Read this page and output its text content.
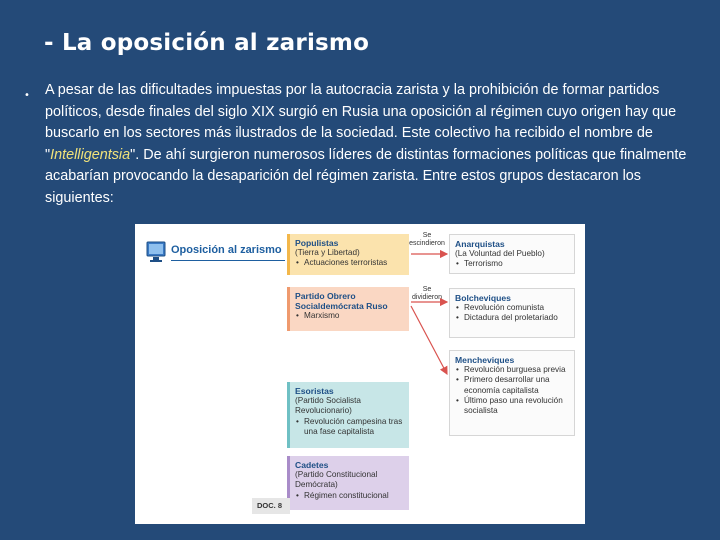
- La oposición al zarismo
• A pesar de las dificultades impuestas por la autocracia zarista y la prohibición de formar partidos políticos, desde finales del siglo XIX surgió en Rusia una oposición al régimen cuyo origen hay que buscarlo en los sectores más ilustrados de la sociedad. Este colectivo ha recibido el nombre de "Intelligentsia". De ahí surgieron numerosos líderes de distintas formaciones políticas que finalmente acabarían provocando la desaparición del régimen zarista. Entre estos grupos destacaron los siguientes:
Oposición al zarismo
Populistas
(Tierra y Libertad)
• Actuaciones terroristas
Partido Obrero Socialdemócrata Ruso
• Marxismo
Esoristas
(Partido Socialista
Revolucionario)
• Revolución campesina tras una fase capitalista
Cadetes
(Partido Constitucional
Demócrata)
• Régimen constitucional
Se
escindieron
Se
dividieron
Anarquistas
(La Voluntad del Pueblo)
• Terrorismo
Bolcheviques
• Revolución comunista
• Dictadura del proletariado
Mencheviques
• Revolución burguesa previa
• Primero desarrollar una economía capitalista
• Último paso una revolución socialista
DOC. 8
